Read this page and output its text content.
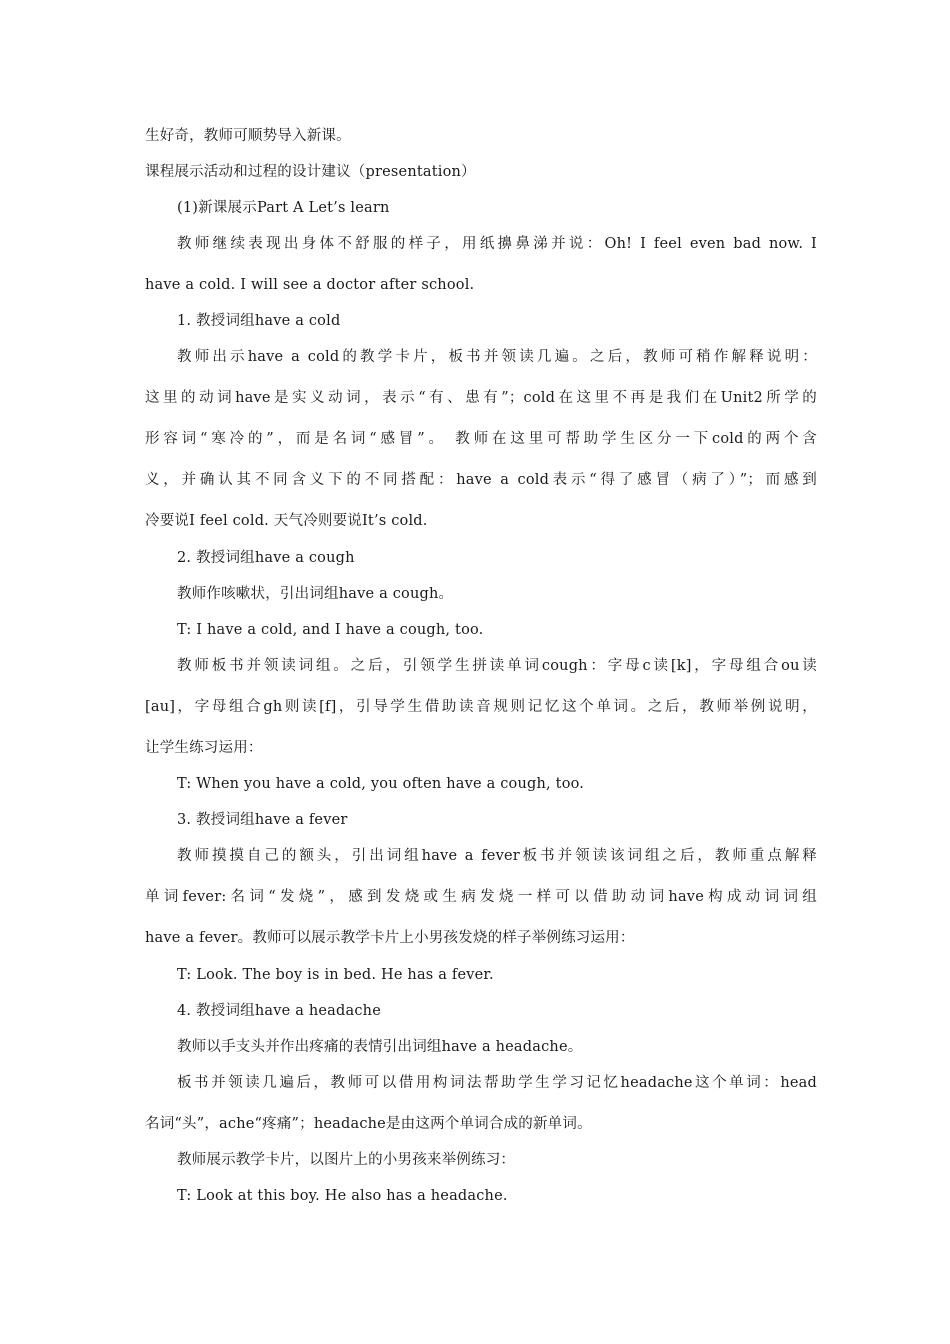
生好奇，教师可顺势导入新课。
课程展示活动和过程的设计建议（presentation）
(1)新课展示Part A Let’s learn
教师继续表现出身体不舒服的样子，用纸擤鼻涕并说：Oh! I feel even bad now. I
have a cold. I will see a doctor after school.
1. 教授词组have a cold
教师出示have a cold的教学卡片，板书并领读几遍。之后，教师可稍作解释说明：
这里的动词have是实义动词，表示“有、患有”；cold在这里不再是我们在Unit2所学的
形容词“寒冷的”，而是名词“感冒”。 教师在这里可帮助学生区分一下cold的两个含
义，并确认其不同含义下的不同搭配：have a cold表示“得了感冒（病了）”；而感到
冷要说I feel cold. 天气冷则要说It’s cold.
2. 教授词组have a cough
教师作咳嗽状，引出词组have a cough。
T: I have a cold, and I have a cough, too.
教师板书并领读词组。之后，引领学生拼读单词cough：字母c读[k]，字母组合ou读
[au]，字母组合gh则读[f]，引导学生借助读音规则记忆这个单词。之后，教师举例说明，
让学生练习运用：
T: When you have a cold, you often have a cough, too.
3. 教授词组have a fever
教师摸摸自己的额头，引出词组have a fever板书并领读该词组之后，教师重点解释
单词fever:名词“发烧”，感到发烧或生病发烧一样可以借助动词have构成动词词组
have a fever。教师可以展示教学卡片上小男孩发烧的样子举例练习运用：
T: Look. The boy is in bed. He has a fever.
4. 教授词组have a headache
教师以手支头并作出疼痛的表情引出词组have a headache。
板书并领读几遍后，教师可以借用构词法帮助学生学习记忆headache这个单词：head
名词“头”，ache“疼痛”；headache是由这两个单词合成的新单词。
教师展示教学卡片，以图片上的小男孩来举例练习：
T: Look at this boy. He also has a headache.
